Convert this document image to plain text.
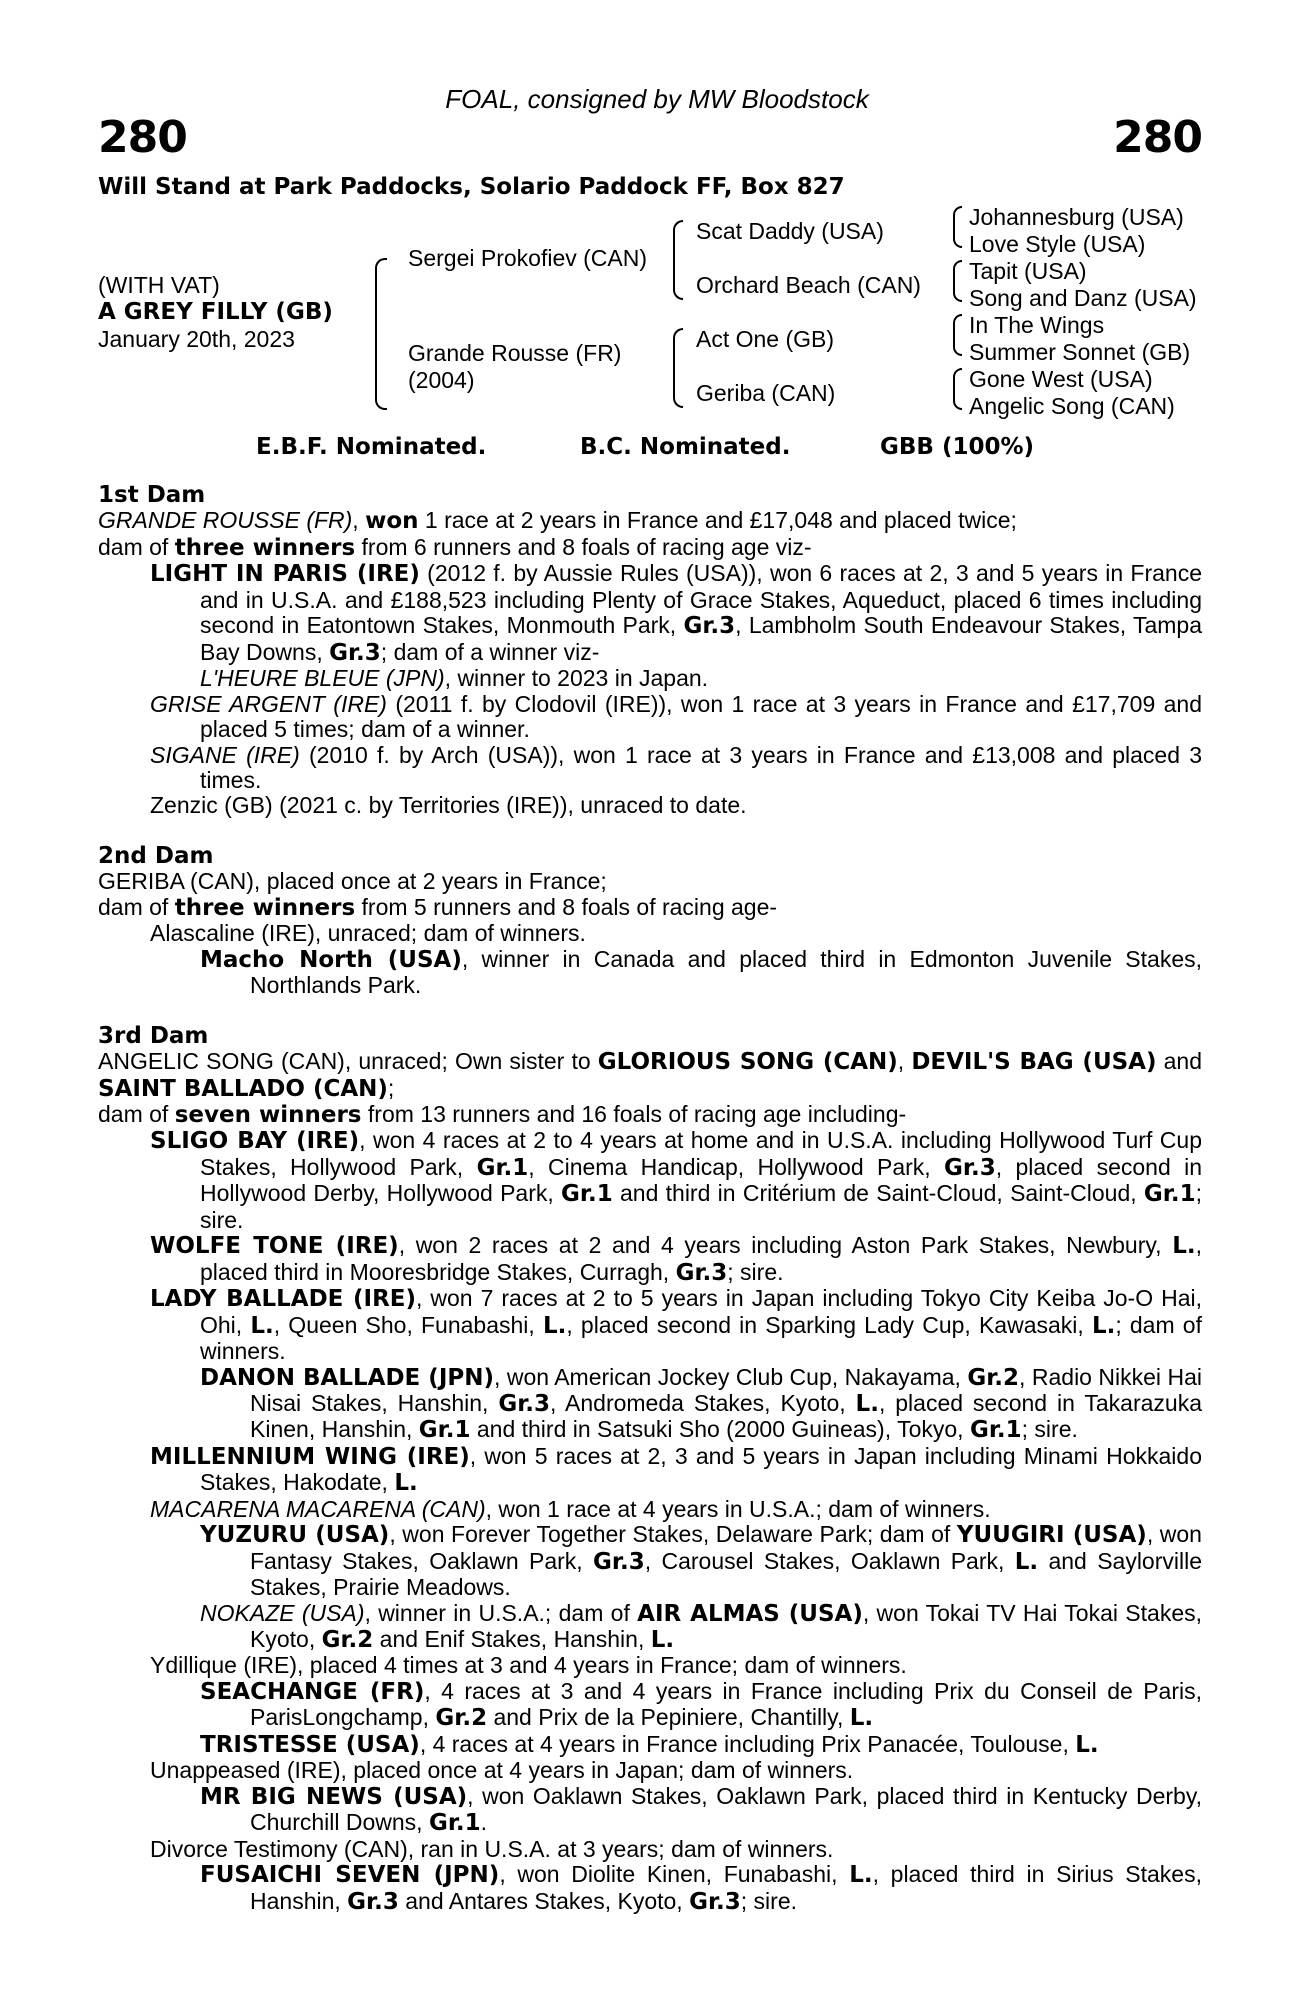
FOAL, consigned by MW Bloodstock
280	280
Will Stand at Park Paddocks, Solario Paddock FF, Box 827
(WITH VAT)
A GREY FILLY (GB)
January 20th, 2023
Sergei Prokofiev (CAN)
Grande Rousse (FR)
(2004)
Scat Daddy (USA)
Orchard Beach (CAN)
Act One (GB)
Geriba (CAN)
Johannesburg (USA)
Love Style (USA)
Tapit (USA)
Song and Danz (USA)
In The Wings
Summer Sonnet (GB)
Gone West (USA)
Angelic Song (CAN)
E.B.F. Nominated.	B.C. Nominated.	GBB (100%)

1st Dam

GRANDE ROUSSE (FR), won 1 race at 2 years in France and £17,048 and placed twice;

dam of three winners from 6 runners and 8 foals of racing age viz-

LIGHT IN PARIS (IRE) (2012 f. by Aussie Rules (USA)), won 6 races at 2, 3 and 5 years in France and in U.S.A. and £188,523 including Plenty of Grace Stakes, Aqueduct, placed 6 times including second in Eatontown Stakes, Monmouth Park, Gr.3, Lambholm South Endeavour Stakes, Tampa Bay Downs, Gr.3; dam of a winner viz-

L'HEURE BLEUE (JPN), winner to 2023 in Japan.

GRISE ARGENT (IRE) (2011 f. by Clodovil (IRE)), won 1 race at 3 years in France and £17,709 and placed 5 times; dam of a winner.

SIGANE (IRE) (2010 f. by Arch (USA)), won 1 race at 3 years in France and £13,008 and placed 3 times.

Zenzic (GB) (2021 c. by Territories (IRE)), unraced to date.

2nd Dam

GERIBA (CAN), placed once at 2 years in France;

dam of three winners from 5 runners and 8 foals of racing age-

Alascaline (IRE), unraced; dam of winners.

Macho North (USA), winner in Canada and placed third in Edmonton Juvenile Stakes, Northlands Park.

3rd Dam

ANGELIC SONG (CAN), unraced; Own sister to GLORIOUS SONG (CAN), DEVIL'S BAG (USA) and SAINT BALLADO (CAN);

dam of seven winners from 13 runners and 16 foals of racing age including-

SLIGO BAY (IRE), won 4 races at 2 to 4 years at home and in U.S.A. including Hollywood Turf Cup Stakes, Hollywood Park, Gr.1, Cinema Handicap, Hollywood Park, Gr.3, placed second in Hollywood Derby, Hollywood Park, Gr.1 and third in Critérium de Saint-Cloud, Saint-Cloud, Gr.1; sire.

WOLFE TONE (IRE), won 2 races at 2 and 4 years including Aston Park Stakes, Newbury, L., placed third in Mooresbridge Stakes, Curragh, Gr.3; sire.

LADY BALLADE (IRE), won 7 races at 2 to 5 years in Japan including Tokyo City Keiba Jo-O Hai, Ohi, L., Queen Sho, Funabashi, L., placed second in Sparking Lady Cup, Kawasaki, L.; dam of winners.

DANON BALLADE (JPN), won American Jockey Club Cup, Nakayama, Gr.2, Radio Nikkei Hai Nisai Stakes, Hanshin, Gr.3, Andromeda Stakes, Kyoto, L., placed second in Takarazuka Kinen, Hanshin, Gr.1 and third in Satsuki Sho (2000 Guineas), Tokyo, Gr.1; sire.

MILLENNIUM WING (IRE), won 5 races at 2, 3 and 5 years in Japan including Minami Hokkaido Stakes, Hakodate, L.

MACARENA MACARENA (CAN), won 1 race at 4 years in U.S.A.; dam of winners.

YUZURU (USA), won Forever Together Stakes, Delaware Park; dam of YUUGIRI (USA), won Fantasy Stakes, Oaklawn Park, Gr.3, Carousel Stakes, Oaklawn Park, L. and Saylorville Stakes, Prairie Meadows.

NOKAZE (USA), winner in U.S.A.; dam of AIR ALMAS (USA), won Tokai TV Hai Tokai Stakes, Kyoto, Gr.2 and Enif Stakes, Hanshin, L.

Ydillique (IRE), placed 4 times at 3 and 4 years in France; dam of winners.

SEACHANGE (FR), 4 races at 3 and 4 years in France including Prix du Conseil de Paris, ParisLongchamp, Gr.2 and Prix de la Pepiniere, Chantilly, L.

TRISTESSE (USA), 4 races at 4 years in France including Prix Panacée, Toulouse, L.

Unappeased (IRE), placed once at 4 years in Japan; dam of winners.

MR BIG NEWS (USA), won Oaklawn Stakes, Oaklawn Park, placed third in Kentucky Derby, Churchill Downs, Gr.1.

Divorce Testimony (CAN), ran in U.S.A. at 3 years; dam of winners.

FUSAICHI SEVEN (JPN), won Diolite Kinen, Funabashi, L., placed third in Sirius Stakes, Hanshin, Gr.3 and Antares Stakes, Kyoto, Gr.3; sire.
